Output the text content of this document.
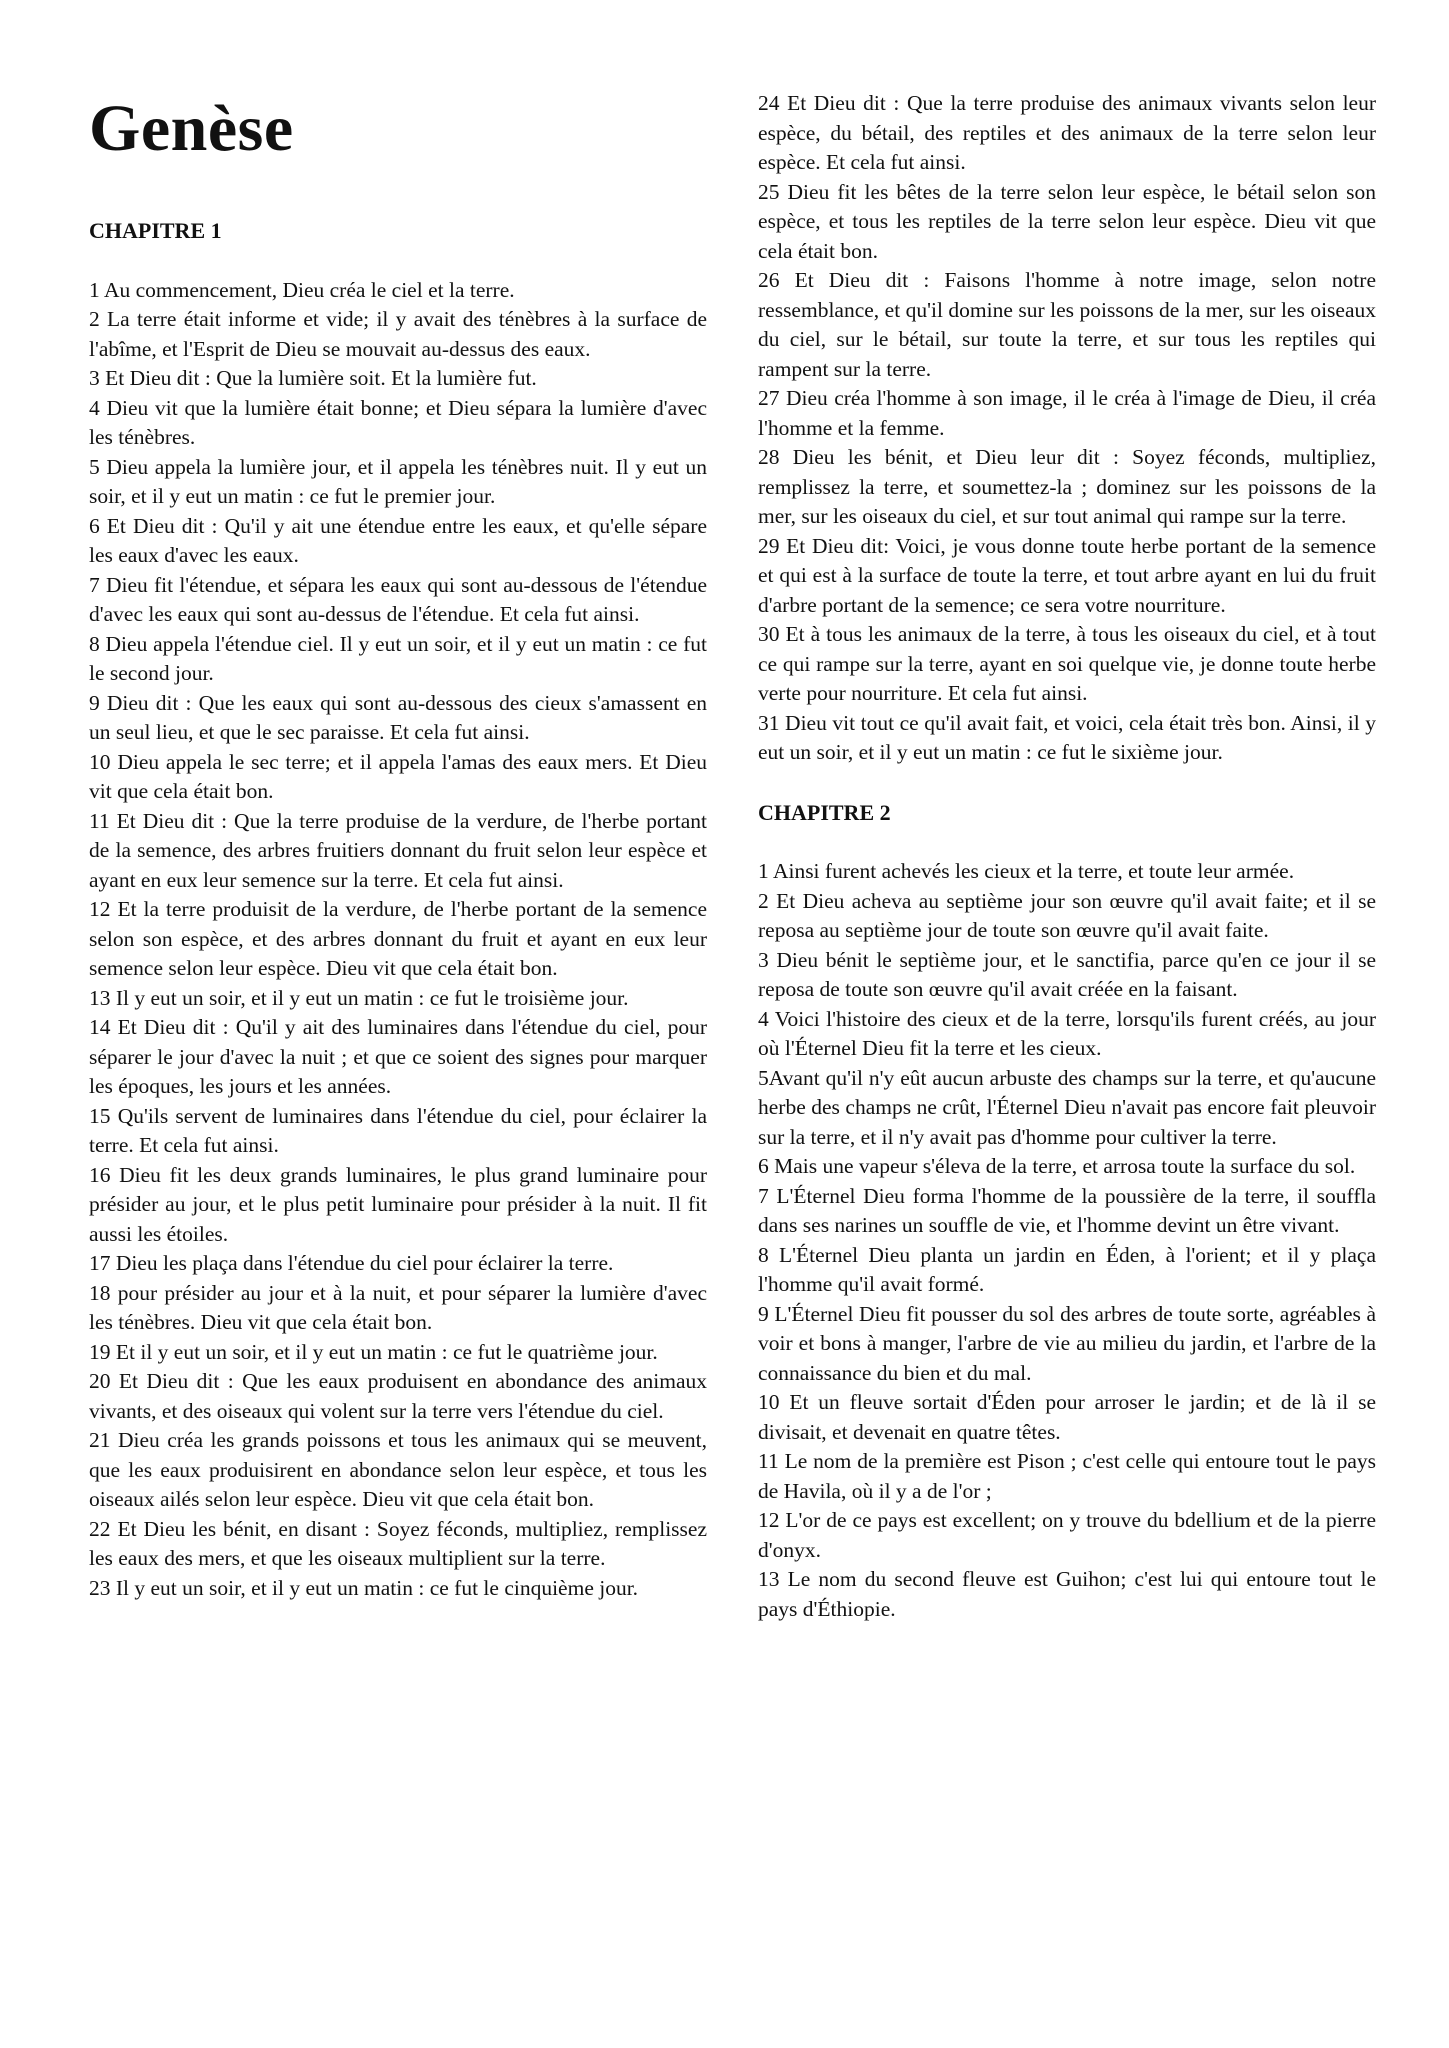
Genèse
CHAPITRE 1

1 Au commencement, Dieu créa le ciel et la terre.

2 La terre était informe et vide; il y avait des ténèbres à la surface de l'abîme, et l'Esprit de Dieu se mouvait au-dessus des eaux.

3 Et Dieu dit : Que la lumière soit. Et la lumière fut.

4 Dieu vit que la lumière était bonne; et Dieu sépara la lumière d'avec les ténèbres.

5 Dieu appela la lumière jour, et il appela les ténèbres nuit. Il y eut un soir, et il y eut un matin : ce fut le premier jour.

6 Et Dieu dit : Qu'il y ait une étendue entre les eaux, et qu'elle sépare les eaux d'avec les eaux.

7 Dieu fit l'étendue, et sépara les eaux qui sont au-dessous de l'étendue d'avec les eaux qui sont au-dessus de l'étendue. Et cela fut ainsi.

8 Dieu appela l'étendue ciel. Il y eut un soir, et il y eut un matin : ce fut le second jour.

9 Dieu dit : Que les eaux qui sont au-dessous des cieux s'amassent en un seul lieu, et que le sec paraisse. Et cela fut ainsi.

10 Dieu appela le sec terre; et il appela l'amas des eaux mers. Et Dieu vit que cela était bon.

11 Et Dieu dit : Que la terre produise de la verdure, de l'herbe portant de la semence, des arbres fruitiers donnant du fruit selon leur espèce et ayant en eux leur semence sur la terre. Et cela fut ainsi.

12 Et la terre produisit de la verdure, de l'herbe portant de la semence selon son espèce, et des arbres donnant du fruit et ayant en eux leur semence selon leur espèce. Dieu vit que cela était bon.

13 Il y eut un soir, et il y eut un matin : ce fut le troisième jour.

14 Et Dieu dit : Qu'il y ait des luminaires dans l'étendue du ciel, pour séparer le jour d'avec la nuit ; et que ce soient des signes pour marquer les époques, les jours et les années.

15 Qu'ils servent de luminaires dans l'étendue du ciel, pour éclairer la terre. Et cela fut ainsi.

16 Dieu fit les deux grands luminaires, le plus grand luminaire pour présider au jour, et le plus petit luminaire pour présider à la nuit. Il fit aussi les étoiles.

17 Dieu les plaça dans l'étendue du ciel pour éclairer la terre.

18 pour présider au jour et à la nuit, et pour séparer la lumière d'avec les ténèbres. Dieu vit que cela était bon.

19 Et il y eut un soir, et il y eut un matin : ce fut le quatrième jour.

20 Et Dieu dit : Que les eaux produisent en abondance des animaux vivants, et des oiseaux qui volent sur la terre vers l'étendue du ciel.

21 Dieu créa les grands poissons et tous les animaux qui se meuvent, que les eaux produisirent en abondance selon leur espèce, et tous les oiseaux ailés selon leur espèce. Dieu vit que cela était bon.

22 Et Dieu les bénit, en disant : Soyez féconds, multipliez, remplissez les eaux des mers, et que les oiseaux multiplient sur la terre.

23 Il y eut un soir, et il y eut un matin : ce fut le cinquième jour.

24 Et Dieu dit : Que la terre produise des animaux vivants selon leur espèce, du bétail, des reptiles et des animaux de la terre selon leur espèce. Et cela fut ainsi.

25 Dieu fit les bêtes de la terre selon leur espèce, le bétail selon son espèce, et tous les reptiles de la terre selon leur espèce. Dieu vit que cela était bon.

26 Et Dieu dit : Faisons l'homme à notre image, selon notre ressemblance, et qu'il domine sur les poissons de la mer, sur les oiseaux du ciel, sur le bétail, sur toute la terre, et sur tous les reptiles qui rampent sur la terre.

27 Dieu créa l'homme à son image, il le créa à l'image de Dieu, il créa l'homme et la femme.

28 Dieu les bénit, et Dieu leur dit : Soyez féconds, multipliez, remplissez la terre, et soumettez-la ; dominez sur les poissons de la mer, sur les oiseaux du ciel, et sur tout animal qui rampe sur la terre.

29 Et Dieu dit: Voici, je vous donne toute herbe portant de la semence et qui est à la surface de toute la terre, et tout arbre ayant en lui du fruit d'arbre portant de la semence; ce sera votre nourriture.

30 Et à tous les animaux de la terre, à tous les oiseaux du ciel, et à tout ce qui rampe sur la terre, ayant en soi quelque vie, je donne toute herbe verte pour nourriture. Et cela fut ainsi.

31 Dieu vit tout ce qu'il avait fait, et voici, cela était très bon. Ainsi, il y eut un soir, et il y eut un matin : ce fut le sixième jour.

CHAPITRE 2

1 Ainsi furent achevés les cieux et la terre, et toute leur armée.

2 Et Dieu acheva au septième jour son œuvre qu'il avait faite; et il se reposa au septième jour de toute son œuvre qu'il avait faite.

3 Dieu bénit le septième jour, et le sanctifia, parce qu'en ce jour il se reposa de toute son œuvre qu'il avait créée en la faisant.

4 Voici l'histoire des cieux et de la terre, lorsqu'ils furent créés, au jour où l'Éternel Dieu fit la terre et les cieux.

5Avant qu'il n'y eût aucun arbuste des champs sur la terre, et qu'aucune herbe des champs ne crût, l'Éternel Dieu n'avait pas encore fait pleuvoir sur la terre, et il n'y avait pas d'homme pour cultiver la terre.

6 Mais une vapeur s'éleva de la terre, et arrosa toute la surface du sol.

7 L'Éternel Dieu forma l'homme de la poussière de la terre, il souffla dans ses narines un souffle de vie, et l'homme devint un être vivant.

8 L'Éternel Dieu planta un jardin en Éden, à l'orient; et il y plaça l'homme qu'il avait formé.

9 L'Éternel Dieu fit pousser du sol des arbres de toute sorte, agréables à voir et bons à manger, l'arbre de vie au milieu du jardin, et l'arbre de la connaissance du bien et du mal.

10 Et un fleuve sortait d'Éden pour arroser le jardin; et de là il se divisait, et devenait en quatre têtes.

11 Le nom de la première est Pison ; c'est celle qui entoure tout le pays de Havila, où il y a de l'or ;

12 L'or de ce pays est excellent; on y trouve du bdellium et de la pierre d'onyx.

13 Le nom du second fleuve est Guihon; c'est lui qui entoure tout le pays d'Éthiopie.
